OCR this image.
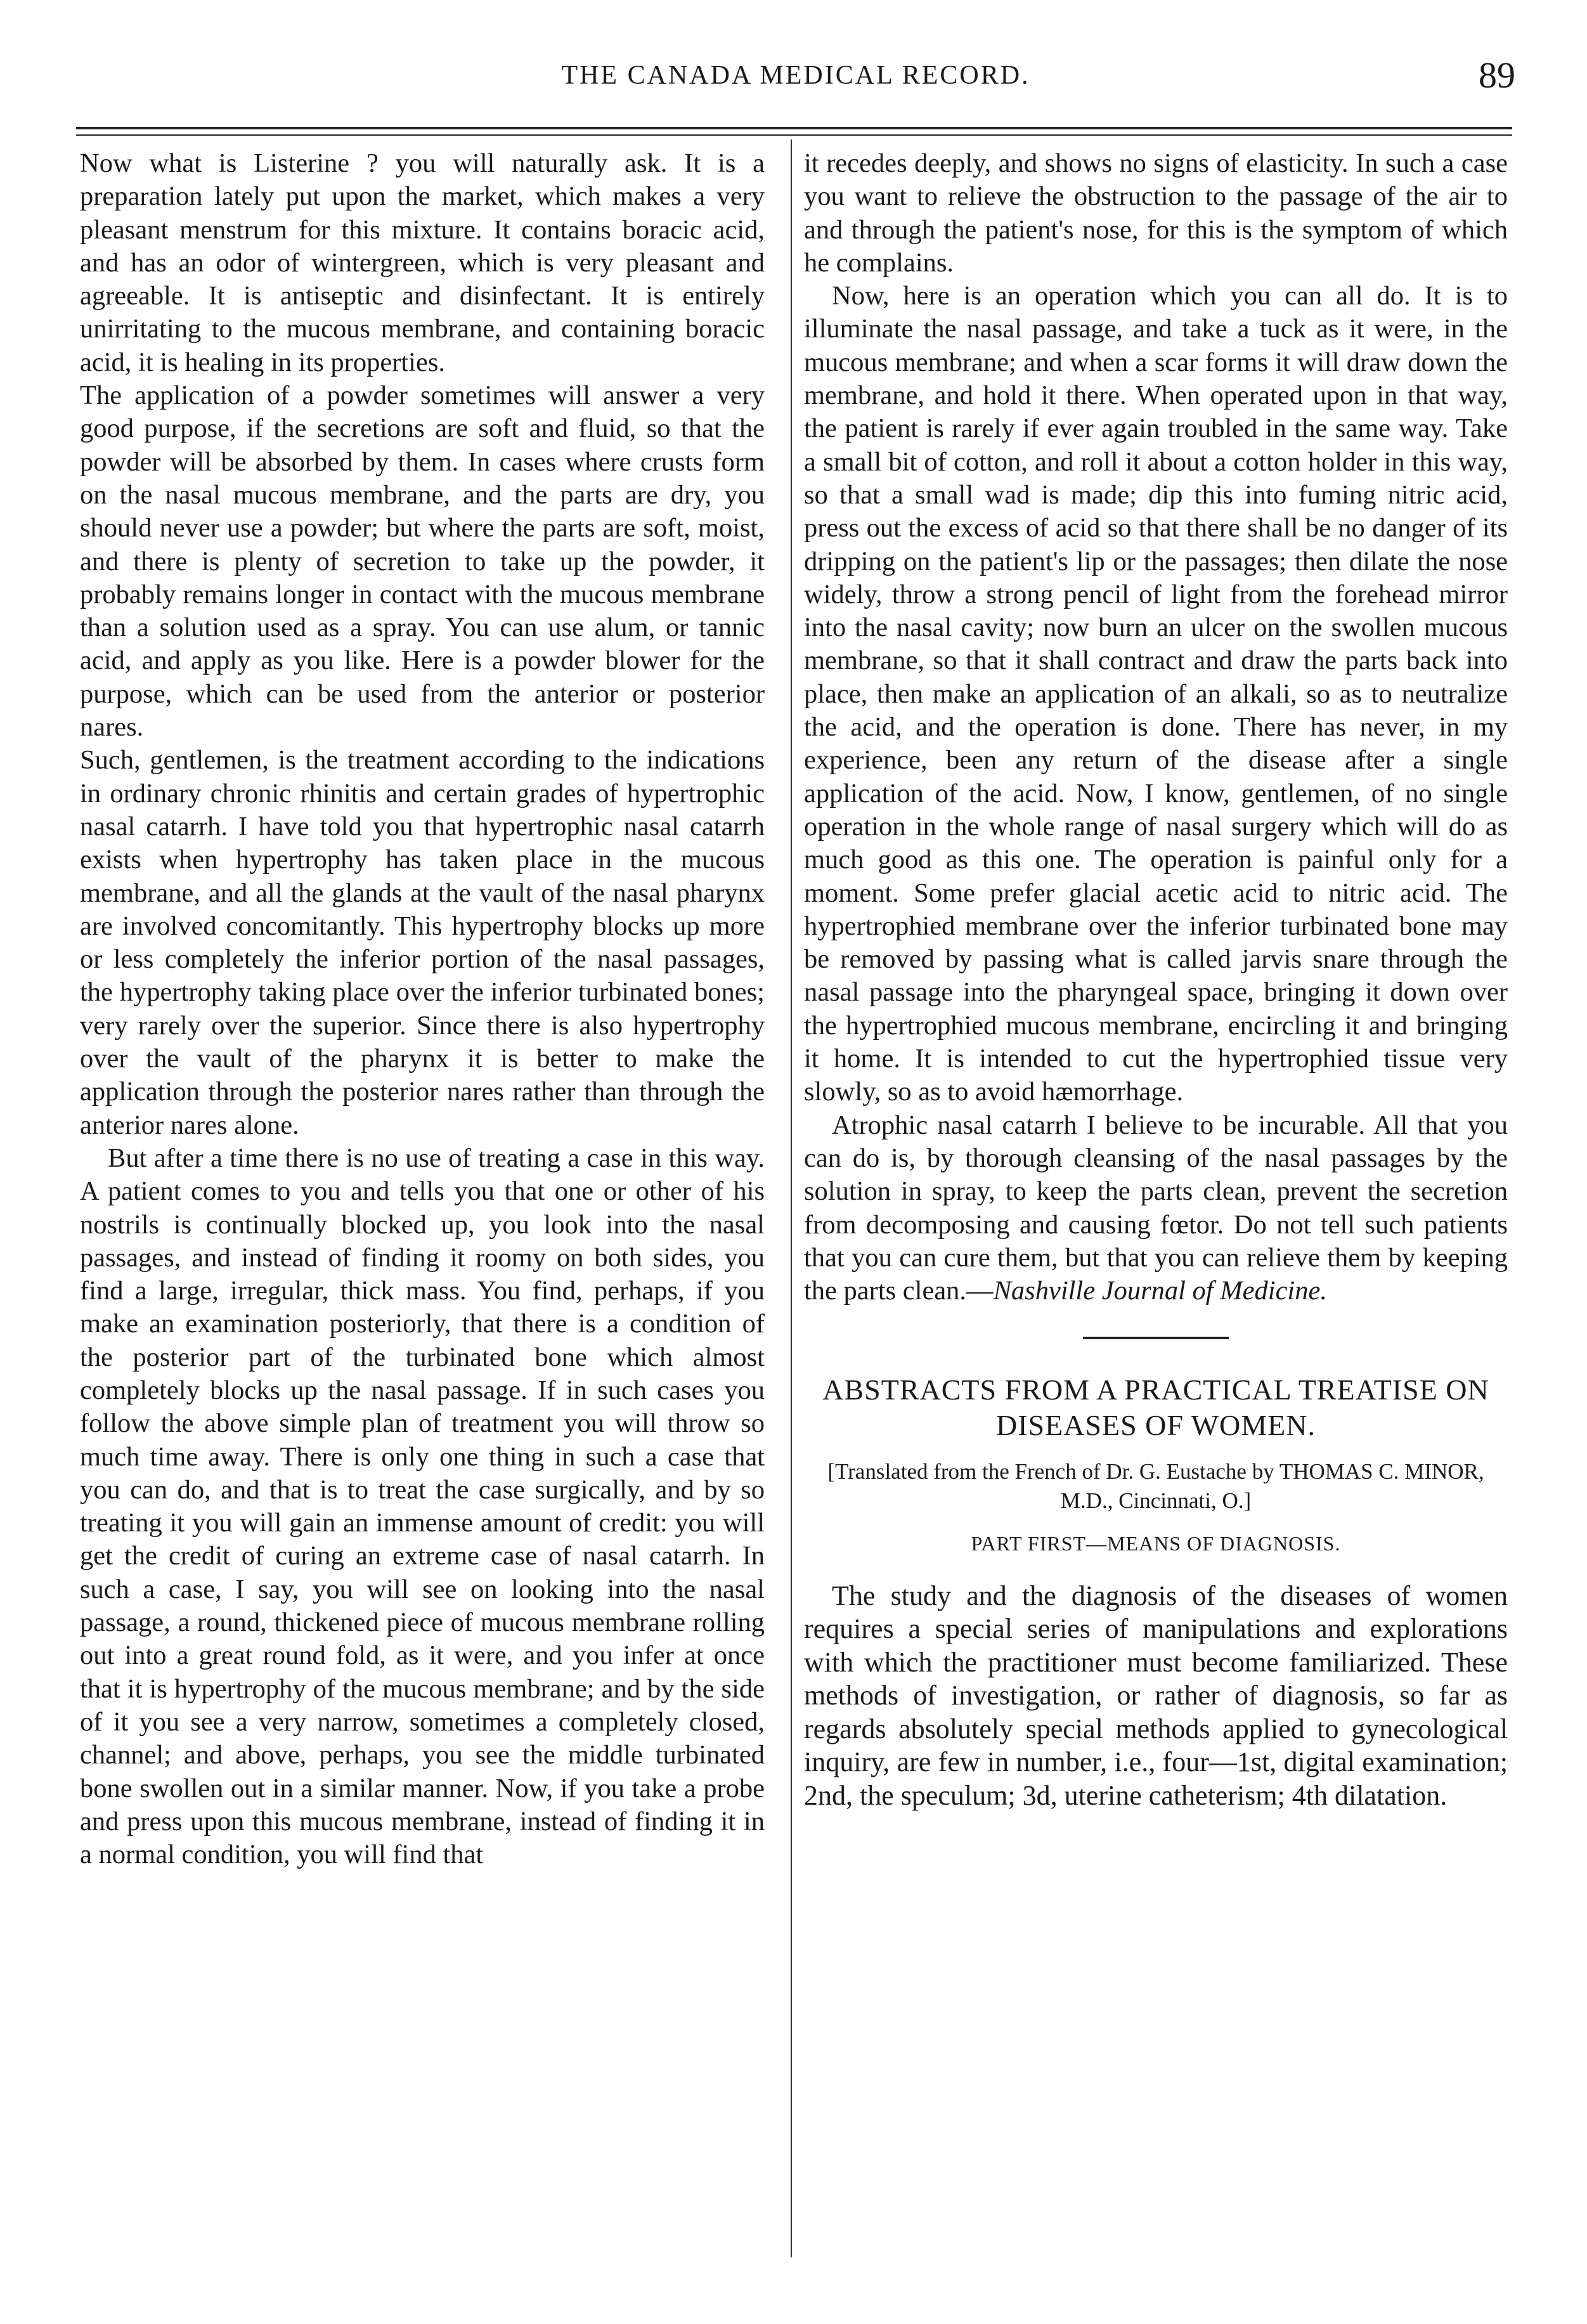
THE CANADA MEDICAL RECORD.	89

Now what is Listerine ? you will naturally ask. It is a preparation lately put upon the market, which makes a very pleasant menstrum for this mixture. It contains boracic acid, and has an odor of wintergreen, which is very pleasant and agreeable. It is antiseptic and disinfectant. It is entirely unirritating to the mucous membrane, and containing boracic acid, it is healing in its properties.

The application of a powder sometimes will answer a very good purpose, if the secretions are soft and fluid, so that the powder will be absorbed by them. In cases where crusts form on the nasal mucous membrane, and the parts are dry, you should never use a powder; but where the parts are soft, moist, and there is plenty of secretion to take up the powder, it probably remains longer in contact with the mucous membrane than a solution used as a spray. You can use alum, or tannic acid, and apply as you like. Here is a powder blower for the purpose, which can be used from the anterior or posterior nares.

Such, gentlemen, is the treatment according to the indications in ordinary chronic rhinitis and certain grades of hypertrophic nasal catarrh. I have told you that hypertrophic nasal catarrh exists when hypertrophy has taken place in the mucous membrane, and all the glands at the vault of the nasal pharynx are involved concomitantly. This hypertrophy blocks up more or less completely the inferior portion of the nasal passages, the hypertrophy taking place over the inferior turbinated bones; very rarely over the superior. Since there is also hypertrophy over the vault of the pharynx it is better to make the application through the posterior nares rather than through the anterior nares alone.

But after a time there is no use of treating a case in this way. A patient comes to you and tells you that one or other of his nostrils is continually blocked up, you look into the nasal passages, and instead of finding it roomy on both sides, you find a large, irregular, thick mass. You find, perhaps, if you make an examination posteriorly, that there is a condition of the posterior part of the turbinated bone which almost completely blocks up the nasal passage. If in such cases you follow the above simple plan of treatment you will throw so much time away. There is only one thing in such a case that you can do, and that is to treat the case surgically, and by so treating it you will gain an immense amount of credit: you will get the credit of curing an extreme case of nasal catarrh. In such a case, I say, you will see on looking into the nasal passage, a round, thickened piece of mucous membrane rolling out into a great round fold, as it were, and you infer at once that it is hypertrophy of the mucous membrane; and by the side of it you see a very narrow, sometimes a completely closed, channel; and above, perhaps, you see the middle turbinated bone swollen out in a similar manner. Now, if you take a probe and press upon this mucous membrane, instead of finding it in a normal condition, you will find that

it recedes deeply, and shows no signs of elasticity. In such a case you want to relieve the obstruction to the passage of the air to and through the patient's nose, for this is the symptom of which he complains.

Now, here is an operation which you can all do. It is to illuminate the nasal passage, and take a tuck as it were, in the mucous membrane; and when a scar forms it will draw down the membrane, and hold it there. When operated upon in that way, the patient is rarely if ever again troubled in the same way. Take a small bit of cotton, and roll it about a cotton holder in this way, so that a small wad is made; dip this into fuming nitric acid, press out the excess of acid so that there shall be no danger of its dripping on the patient's lip or the passages; then dilate the nose widely, throw a strong pencil of light from the forehead mirror into the nasal cavity; now burn an ulcer on the swollen mucous membrane, so that it shall contract and draw the parts back into place, then make an application of an alkali, so as to neutralize the acid, and the operation is done. There has never, in my experience, been any return of the disease after a single application of the acid. Now, I know, gentlemen, of no single operation in the whole range of nasal surgery which will do as much good as this one. The operation is painful only for a moment. Some prefer glacial acetic acid to nitric acid. The hypertrophied membrane over the inferior turbinated bone may be removed by passing what is called jarvis snare through the nasal passage into the pharyngeal space, bringing it down over the hypertrophied mucous membrane, encircling it and bringing it home. It is intended to cut the hypertrophied tissue very slowly, so as to avoid hæmorrhage.

Atrophic nasal catarrh I believe to be incurable. All that you can do is, by thorough cleansing of the nasal passages by the solution in spray, to keep the parts clean, prevent the secretion from decomposing and causing fœtor. Do not tell such patients that you can cure them, but that you can relieve them by keeping the parts clean.—Nashville Journal of Medicine.

ABSTRACTS FROM A PRACTICAL TREATISE ON DISEASES OF WOMEN.
[Translated from the French of Dr. G. Eustache by THOMAS C. MINOR, M.D., Cincinnati, O.]
PART FIRST—MEANS OF DIAGNOSIS.

The study and the diagnosis of the diseases of women requires a special series of manipulations and explorations with which the practitioner must become familiarized. These methods of investigation, or rather of diagnosis, so far as regards absolutely special methods applied to gynecological inquiry, are few in number, i.e., four—1st, digital examination; 2nd, the speculum; 3d, uterine catheterism; 4th dilatation.
